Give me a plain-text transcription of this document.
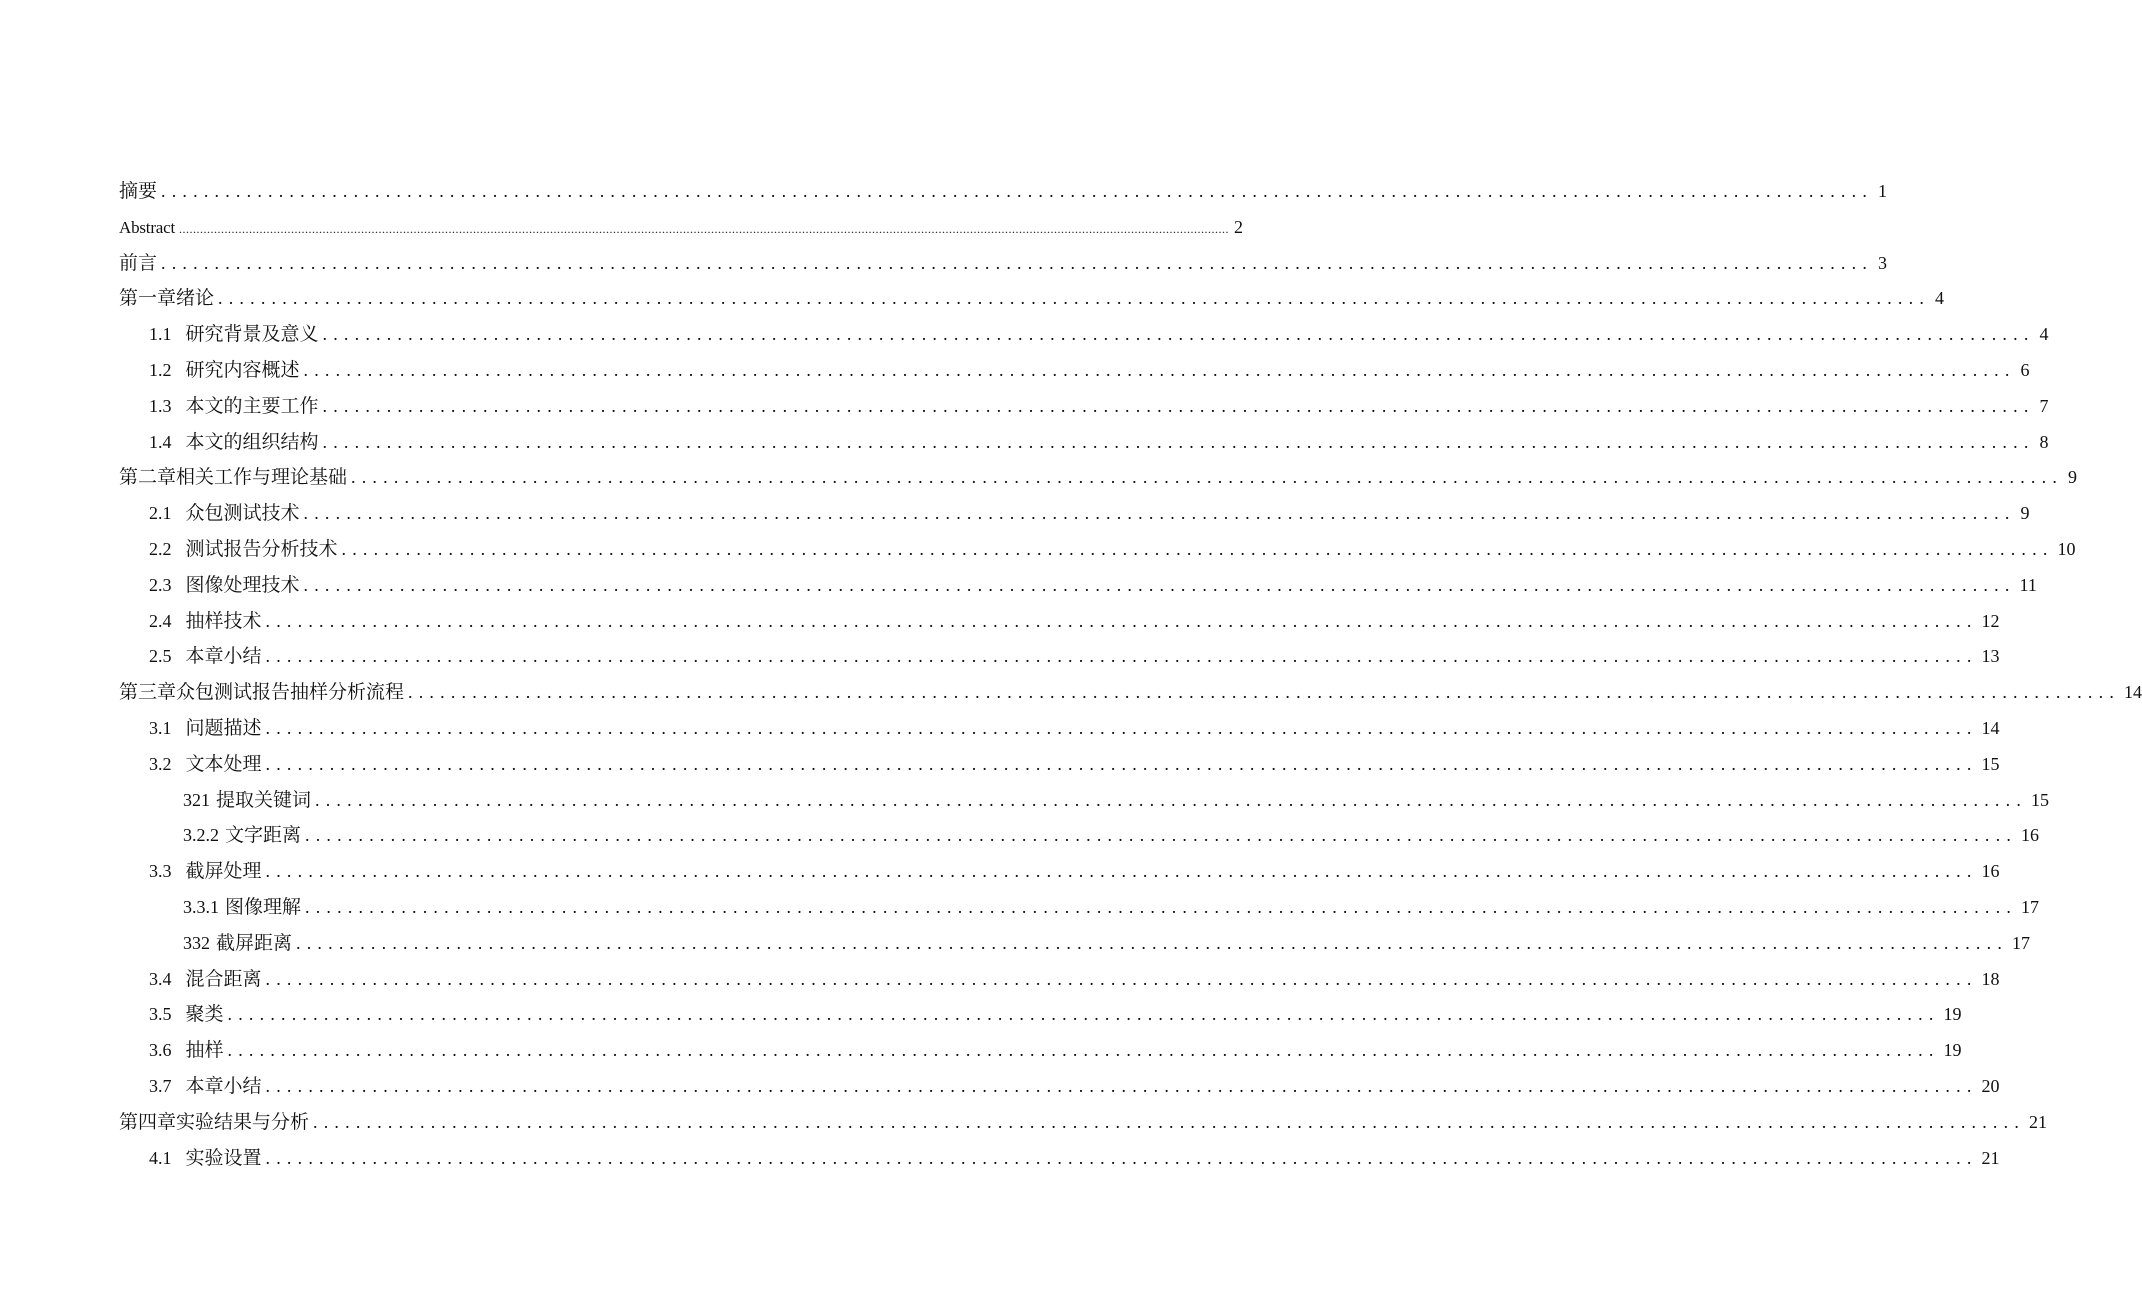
摘要 ................................................................................................................................................................ 1
Abstract ............................................................................................................................................................................................................................................................................................................ 2
前言 ................................................................................................................................................................ 3
第一章绪论 ................................................................................................................................................................ 4
1.1 研究背景及意义 ................................................................................................................................................................ 4
1.2 研究内容概述 ................................................................................................................................................................ 6
1.3 本文的主要工作 ................................................................................................................................................................ 7
1.4 本文的组织结构 ................................................................................................................................................................ 8
第二章相关工作与理论基础 ................................................................................................................................................................ 9
2.1 众包测试技术 ................................................................................................................................................................ 9
2.2 测试报告分析技术 ................................................................................................................................................................ 10
2.3 图像处理技术 ................................................................................................................................................................ 11
2.4 抽样技术 ................................................................................................................................................................ 12
2.5 本章小结 ................................................................................................................................................................ 13
第三章众包测试报告抽样分析流程 ................................................................................................................................................................ 14
3.1 问题描述 ................................................................................................................................................................ 14
3.2 文本处理 ................................................................................................................................................................ 15
321 提取关键词 ................................................................................................................................................................ 15
3.2.2 文字距离 ................................................................................................................................................................ 16
3.3 截屏处理 ................................................................................................................................................................ 16
3.3.1 图像理解 ................................................................................................................................................................ 17
332 截屏距离 ................................................................................................................................................................ 17
3.4 混合距离 ................................................................................................................................................................ 18
3.5 聚类 ................................................................................................................................................................ 19
3.6 抽样 ................................................................................................................................................................ 19
3.7 本章小结 ................................................................................................................................................................ 20
第四章实验结果与分析 ................................................................................................................................................................ 21
4.1 实验设置 ................................................................................................................................................................ 21
